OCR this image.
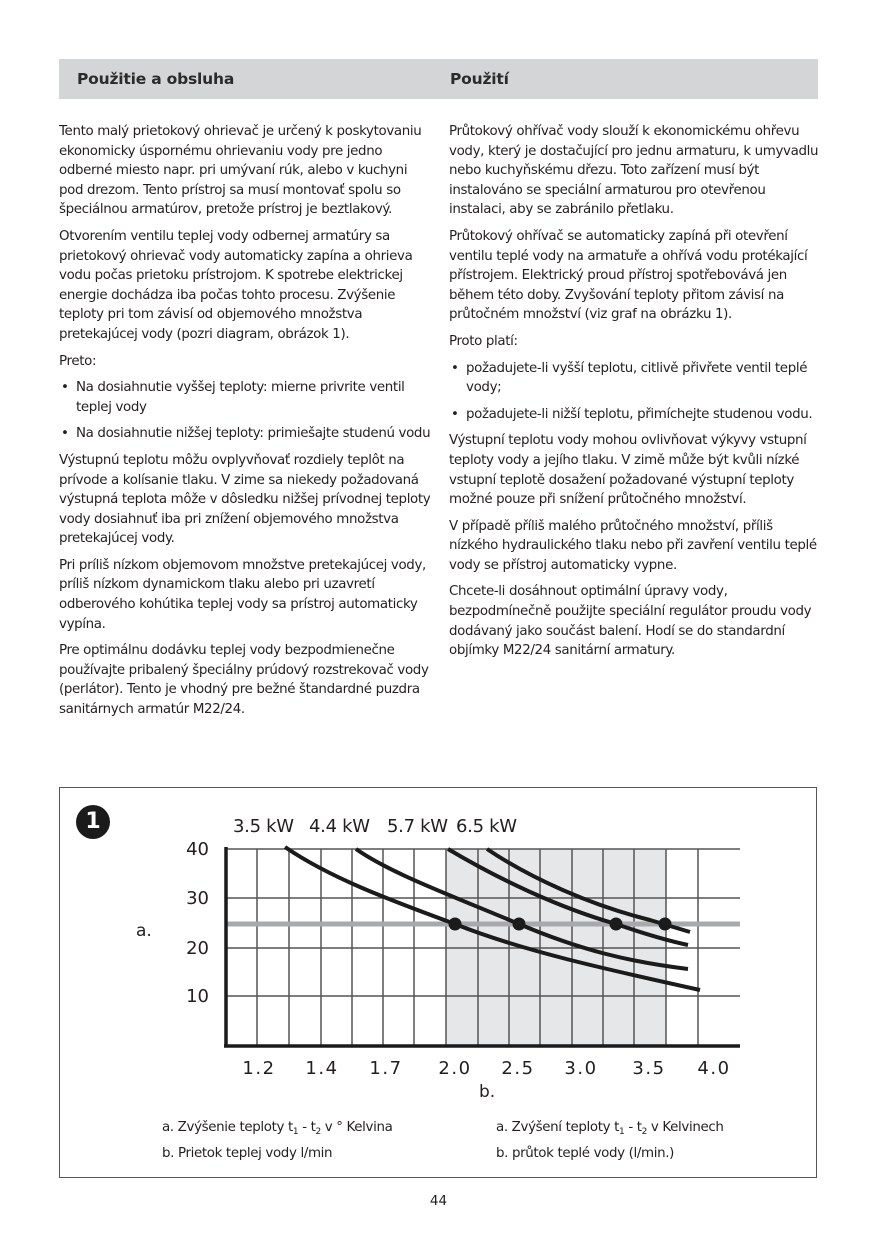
Použitie a obsluha	Použití

Tento malý prietokový ohrievač je určený k poskytovaniu ekonomicky úspornému ohrievaniu vody pre jedno odberné miesto napr. pri umývaní rúk, alebo v kuchyni pod drezom. Tento prístroj sa musí montovať spolu so špeciálnou armatúrov, pretože prístroj je beztlakový.

Otvorením ventilu teplej vody odbernej armatúry sa prietokový ohrievač vody automaticky zapína a ohrieva vodu počas prietoku prístrojom. K spotrebe elektrickej energie dochádza iba počas tohto procesu. Zvýšenie teploty pri tom závisí od objemového množstva pretekajúcej vody (pozri diagram, obrázok 1).

Preto:

• Na dosiahnutie vyššej teploty: mierne privrite ventil teplej vody
• Na dosiahnutie nižšej teploty: primiešajte studenú vodu

Výstupnú teplotu môžu ovplyvňovať rozdiely teplôt na prívode a kolísanie tlaku. V zime sa niekedy požadovaná výstupná teplota môže v dôsledku nižšej prívodnej teploty vody dosiahnuť iba pri znížení objemového množstva pretekajúcej vody.

Pri príliš nízkom objemovom množstve pretekajúcej vody, príliš nízkom dynamickom tlaku alebo pri uzavretí odberového kohútika teplej vody sa prístroj automaticky vypína.

Pre optimálnu dodávku teplej vody bezpodmienečne používajte pribalený špeciálny prúdový rozstrekovač vody (perlátor). Tento je vhodný pre bežné štandardné puzdra sanitárnych armatúr M22/24.

Průtokový ohřívač vody slouží k ekonomickému ohřevu vody, který je dostačující pro jednu armaturu, k umyvadlu nebo kuchyňskému dřezu. Toto zařízení musí být instalováno se speciální armaturou pro otevřenou instalaci, aby se zabránilo přetlaku.

Průtokový ohřívač se automaticky zapíná při otevření ventilu teplé vody na armatuře a ohřívá vodu protékající přístrojem. Elektrický proud přístroj spotřebovává jen během této doby. Zvyšování teploty přitom závisí na průtočném množství (viz graf na obrázku 1).

Proto platí:

• požadujete-li vyšší teplotu, citlivě přivřete ventil teplé vody;
• požadujete-li nižší teplotu, přimíchejte studenou vodu.

Výstupní teplotu vody mohou ovlivňovat výkyvy vstupní teploty vody a jejího tlaku. V zimě může být kvůli nízké vstupní teplotě dosažení požadované výstupní teploty možné pouze při snížení průtočného množství.

V případě příliš malého průtočného množství, příliš nízkého hydraulického tlaku nebo při zavření ventilu teplé vody se přístroj automaticky vypne.

Chcete-li dosáhnout optimální úpravy vody, bezpodmínečně použijte speciální regulátor proudu vody dodávaný jako součást balení. Hodí se do standardní objímky M22/24 sanitární armatury.

1	3.5 kW 4.4 kW 5.7 kW 6.5 kW
40
30
20
10
a.
1.2	1.4	1.7	2.0	2.5	3.0	3.5	4.0
b.
a. Zvýšenie teploty $t_1 - t_2$ v ° Kelvina
b. Prietok teplej vody l/min
a. Zvýšení teploty $t_1 - t_2$ v Kelvinech
b. průtok teplé vody (l/min.)
44
